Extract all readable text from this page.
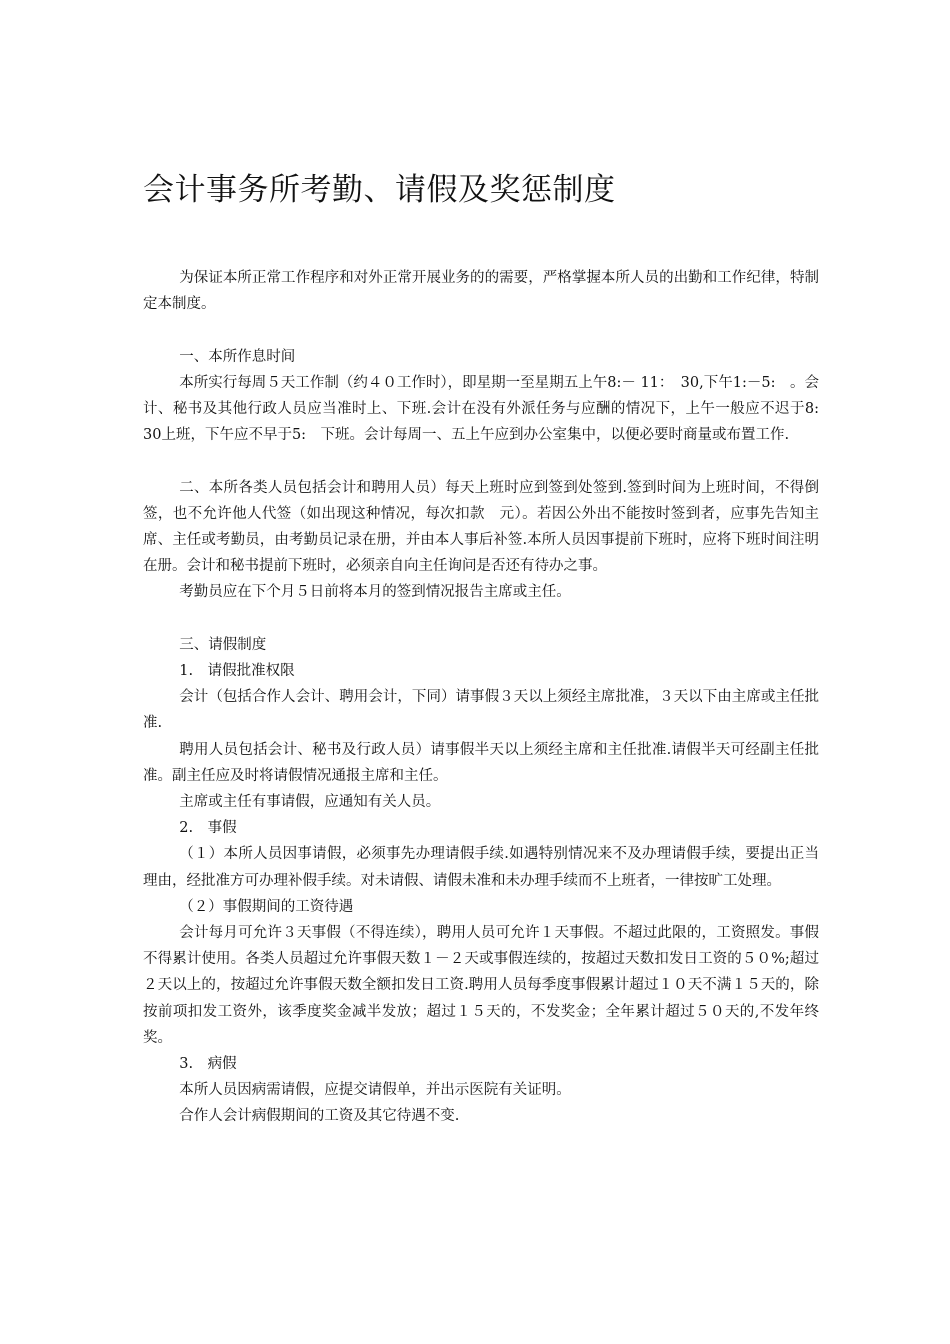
会计事务所考勤、请假及奖惩制度

为保证本所正常工作程序和对外正常开展业务的的需要，严格掌握本所人员的出勤和工作纪律，特制定本制度。

一、本所作息时间

本所实行每周５天工作制（约４０工作时），即星期一至星期五上午8:－ 11：　30,下午1:－5:　。会计、秘书及其他行政人员应当准时上、下班.会计在没有外派任务与应酬的情况下，上午一般应不迟于8:　30上班，下午应不早于5:　下班。会计每周一、五上午应到办公室集中，以便必要时商量或布置工作.

二、本所各类人员包括会计和聘用人员）每天上班时应到签到处签到.签到时间为上班时间，不得倒签，也不允许他人代签（如出现这种情况，每次扣款　元）。若因公外出不能按时签到者，应事先告知主席、主任或考勤员，由考勤员记录在册，并由本人事后补签.本所人员因事提前下班时，应将下班时间注明在册。会计和秘书提前下班时，必须亲自向主任询问是否还有待办之事。

考勤员应在下个月５日前将本月的签到情况报告主席或主任。

三、请假制度

1.　请假批准权限

会计（包括合作人会计、聘用会计，下同）请事假３天以上须经主席批准，３天以下由主席或主任批准.

聘用人员包括会计、秘书及行政人员）请事假半天以上须经主席和主任批准.请假半天可经副主任批准。副主任应及时将请假情况通报主席和主任。

主席或主任有事请假，应通知有关人员。

2.　事假

（１）本所人员因事请假，必须事先办理请假手续.如遇特别情况来不及办理请假手续，要提出正当理由，经批准方可办理补假手续。对未请假、请假未准和未办理手续而不上班者，一律按旷工处理。

（２）事假期间的工资待遇

会计每月可允许３天事假（不得连续），聘用人员可允许１天事假。不超过此限的，工资照发。事假不得累计使用。各类人员超过允许事假天数１－２天或事假连续的，按超过天数扣发日工资的５０%;超过２天以上的，按超过允许事假天数全额扣发日工资.聘用人员每季度事假累计超过１０天不满１５天的，除按前项扣发工资外，该季度奖金减半发放；超过１５天的，不发奖金；全年累计超过５０天的,不发年终奖。

3.　病假

本所人员因病需请假，应提交请假单，并出示医院有关证明。

合作人会计病假期间的工资及其它待遇不变.
